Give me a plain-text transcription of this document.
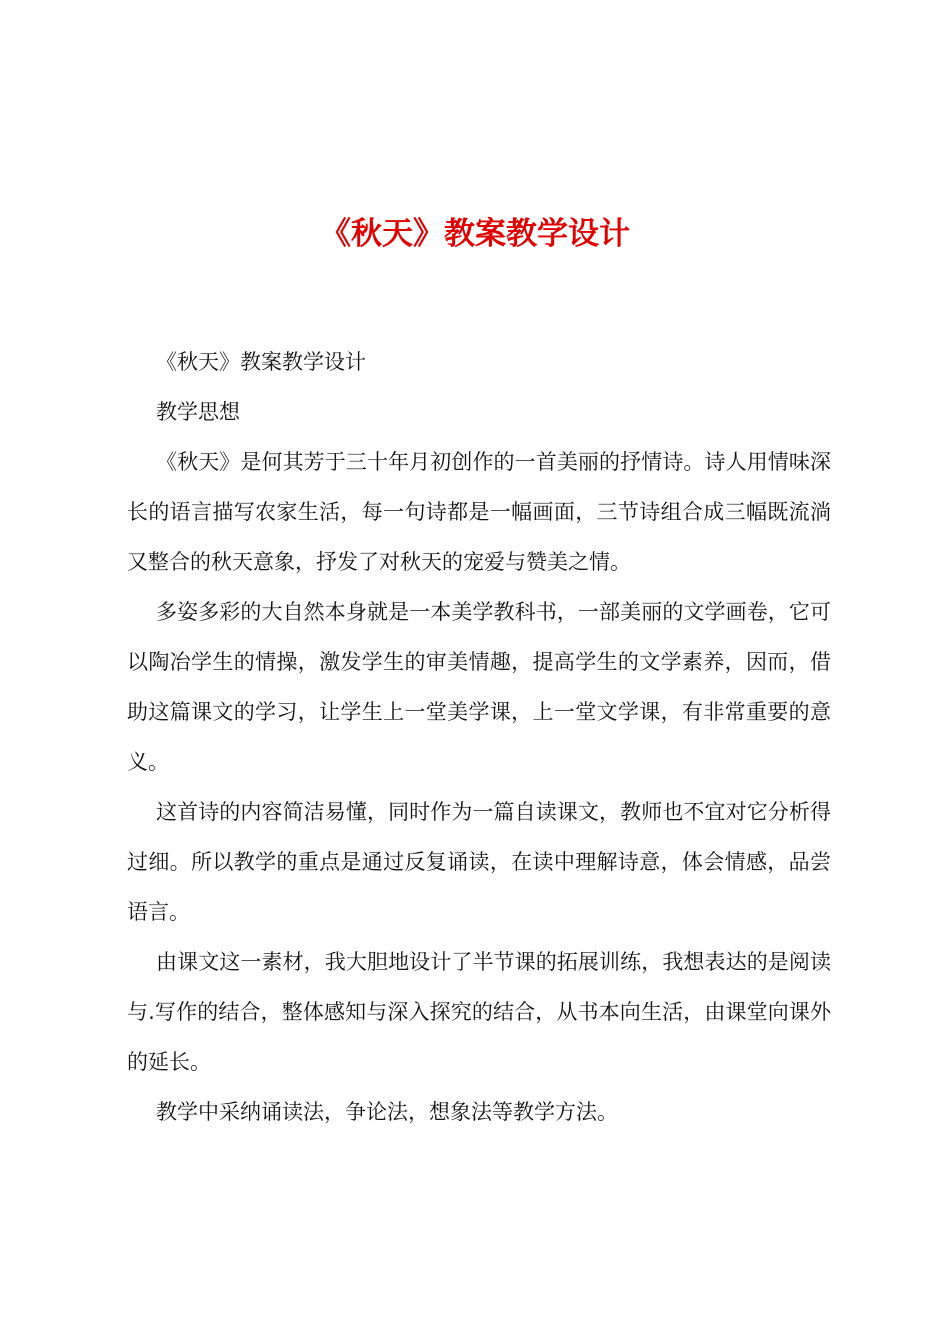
《秋天》教案教学设计

《秋天》教案教学设计

教学思想

《秋天》是何其芳于三十年月初创作的一首美丽的抒情诗。诗人用情味深长的语言描写农家生活，每一句诗都是一幅画面，三节诗组合成三幅既流淌又整合的秋天意象，抒发了对秋天的宠爱与赞美之情。

多姿多彩的大自然本身就是一本美学教科书，一部美丽的文学画卷，它可以陶冶学生的情操，激发学生的审美情趣，提高学生的文学素养，因而，借助这篇课文的学习，让学生上一堂美学课，上一堂文学课，有非常重要的意义。

这首诗的内容简洁易懂，同时作为一篇自读课文，教师也不宜对它分析得过细。所以教学的重点是通过反复诵读，在读中理解诗意，体会情感，品尝语言。

由课文这一素材，我大胆地设计了半节课的拓展训练，我想表达的是阅读与.写作的结合，整体感知与深入探究的结合，从书本向生活，由课堂向课外的延长。

教学中采纳诵读法，争论法，想象法等教学方法。
